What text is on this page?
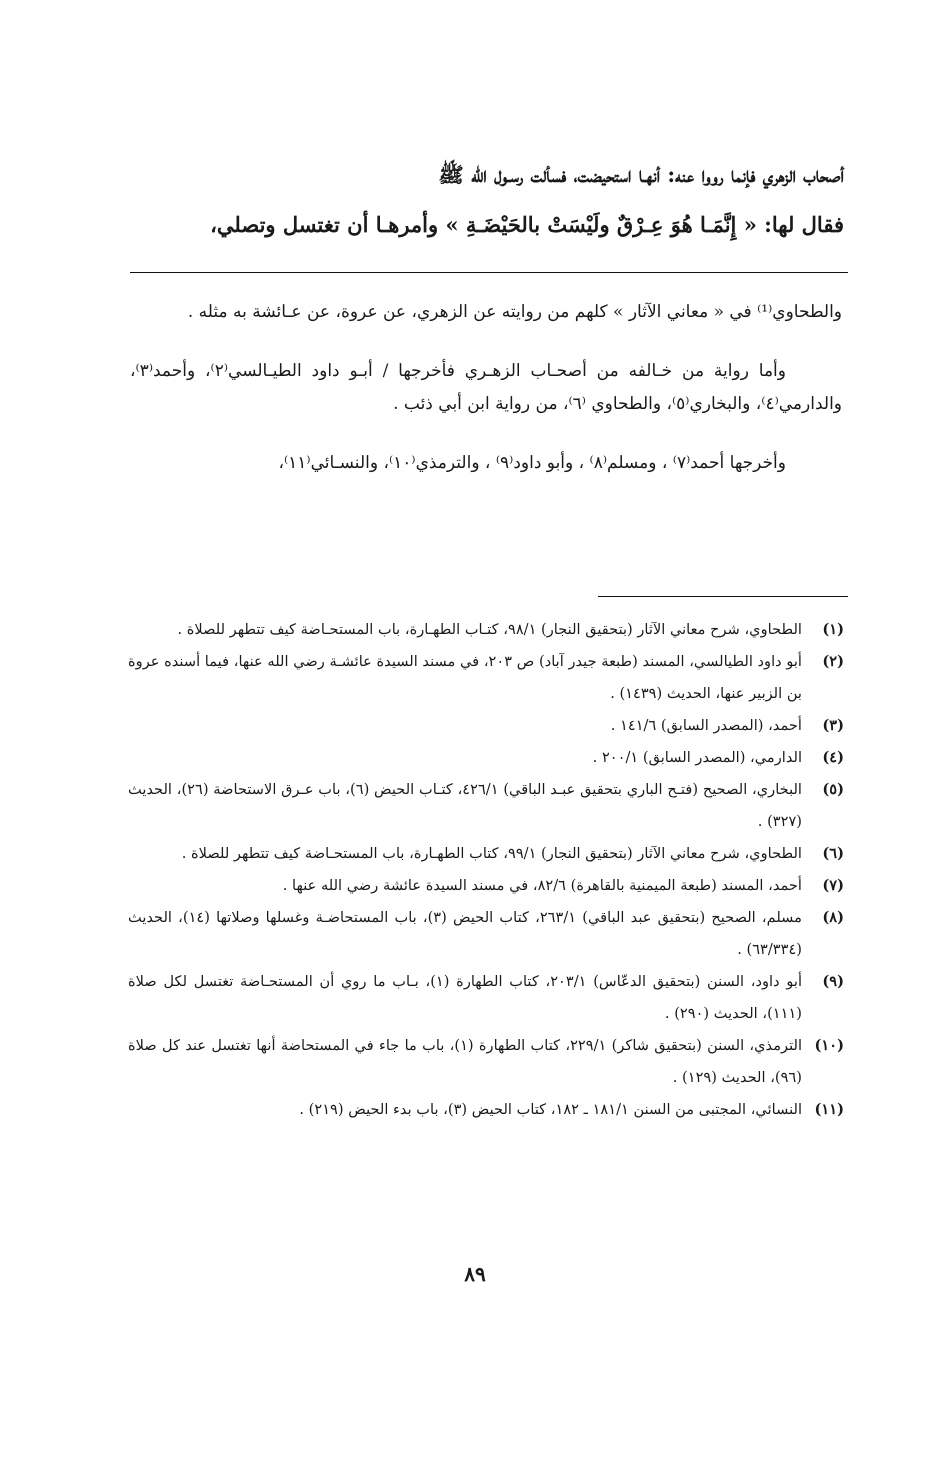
أصحاب الزهري فإنما رووا عنه: أنهـا استحيضت، فسألت رسـول الله ﷺ

فقال لها: « إِنَّمَـا هُوَ عِـرْقٌ ولَيْسَتْ بالحَيْضَـةِ » وأمرهـا أن تغتسل وتصلي،

والطحاوي⁽¹⁾ في « معاني الآثار » كلهم من روايته عن الزهري، عن عروة، عن عـائشة به مثله .

وأما رواية من خـالفه من أصحـاب الزهـري فأخرجها / أبـو داود الطيـالسي⁽٢⁾، وأحمد⁽٣⁾، والدارمي⁽٤⁾، والبخاري⁽٥⁾، والطحاوي ⁽٦⁾، من رواية ابن أبي ذئب .

وأخرجها أحمد⁽٧⁾ ، ومسلم⁽٨⁾ ، وأبو داود⁽٩⁾ ، والترمذي⁽١٠⁾، والنسـائي⁽١١⁾،

(١)
الطحاوي، شرح معاني الآثار (بتحقيق النجار) ٩٨/١، كتـاب الطهـارة، باب المستحـاضة كيف تتطهر للصلاة .
(٢)
أبو داود الطيالسي، المسند (طبعة جيدر آباد) ص ٢٠٣، في مسند السيدة عائشـة رضي الله عنها، فيما أسنده عروة بن الزبير عنها، الحديث (١٤٣٩) .
(٣)
أحمد، (المصدر السابق) ١٤١/٦ .
(٤)
الدارمي، (المصدر السابق) ٢٠٠/١ .
(٥)
البخاري، الصحيح (فتـح الباري بتحقيق عبـد الباقي) ٤٢٦/١، كتـاب الحيض (٦)، باب عـرق الاستحاضة (٢٦)، الحديث (٣٢٧) .
(٦)
الطحاوي، شرح معاني الآثار (بتحقيق النجار) ٩٩/١، كتاب الطهـارة، باب المستحـاضة كيف تتطهر للصلاة .
(٧)
أحمد، المسند (طبعة الميمنية بالقاهرة) ٨٢/٦، في مسند السيدة عائشة رضي الله عنها .
(٨)
مسلم، الصحيح (بتحقيق عبد الباقي) ٢٦٣/١، كتاب الحيض (٣)، باب المستحاضـة وغسلها وصلاتها (١٤)، الحديث (٦٣/٣٣٤) .
(٩)
أبو داود، السنن (بتحقيق الدعّاس) ٢٠٣/١، كتاب الطهارة (١)، بـاب ما روي أن المستحـاضة تغتسل لكل صلاة (١١١)، الحديث (٢٩٠) .
(١٠)
الترمذي، السنن (بتحقيق شاكر) ٢٢٩/١، كتاب الطهارة (١)، باب ما جاء في المستحاضة أنها تغتسل عند كل صلاة (٩٦)، الحديث (١٢٩) .
(١١)
النسائي، المجتبى من السنن ١٨١/١ ـ ١٨٢، كتاب الحيض (٣)، باب بدء الحيض (٢١٩) .
٨٩
